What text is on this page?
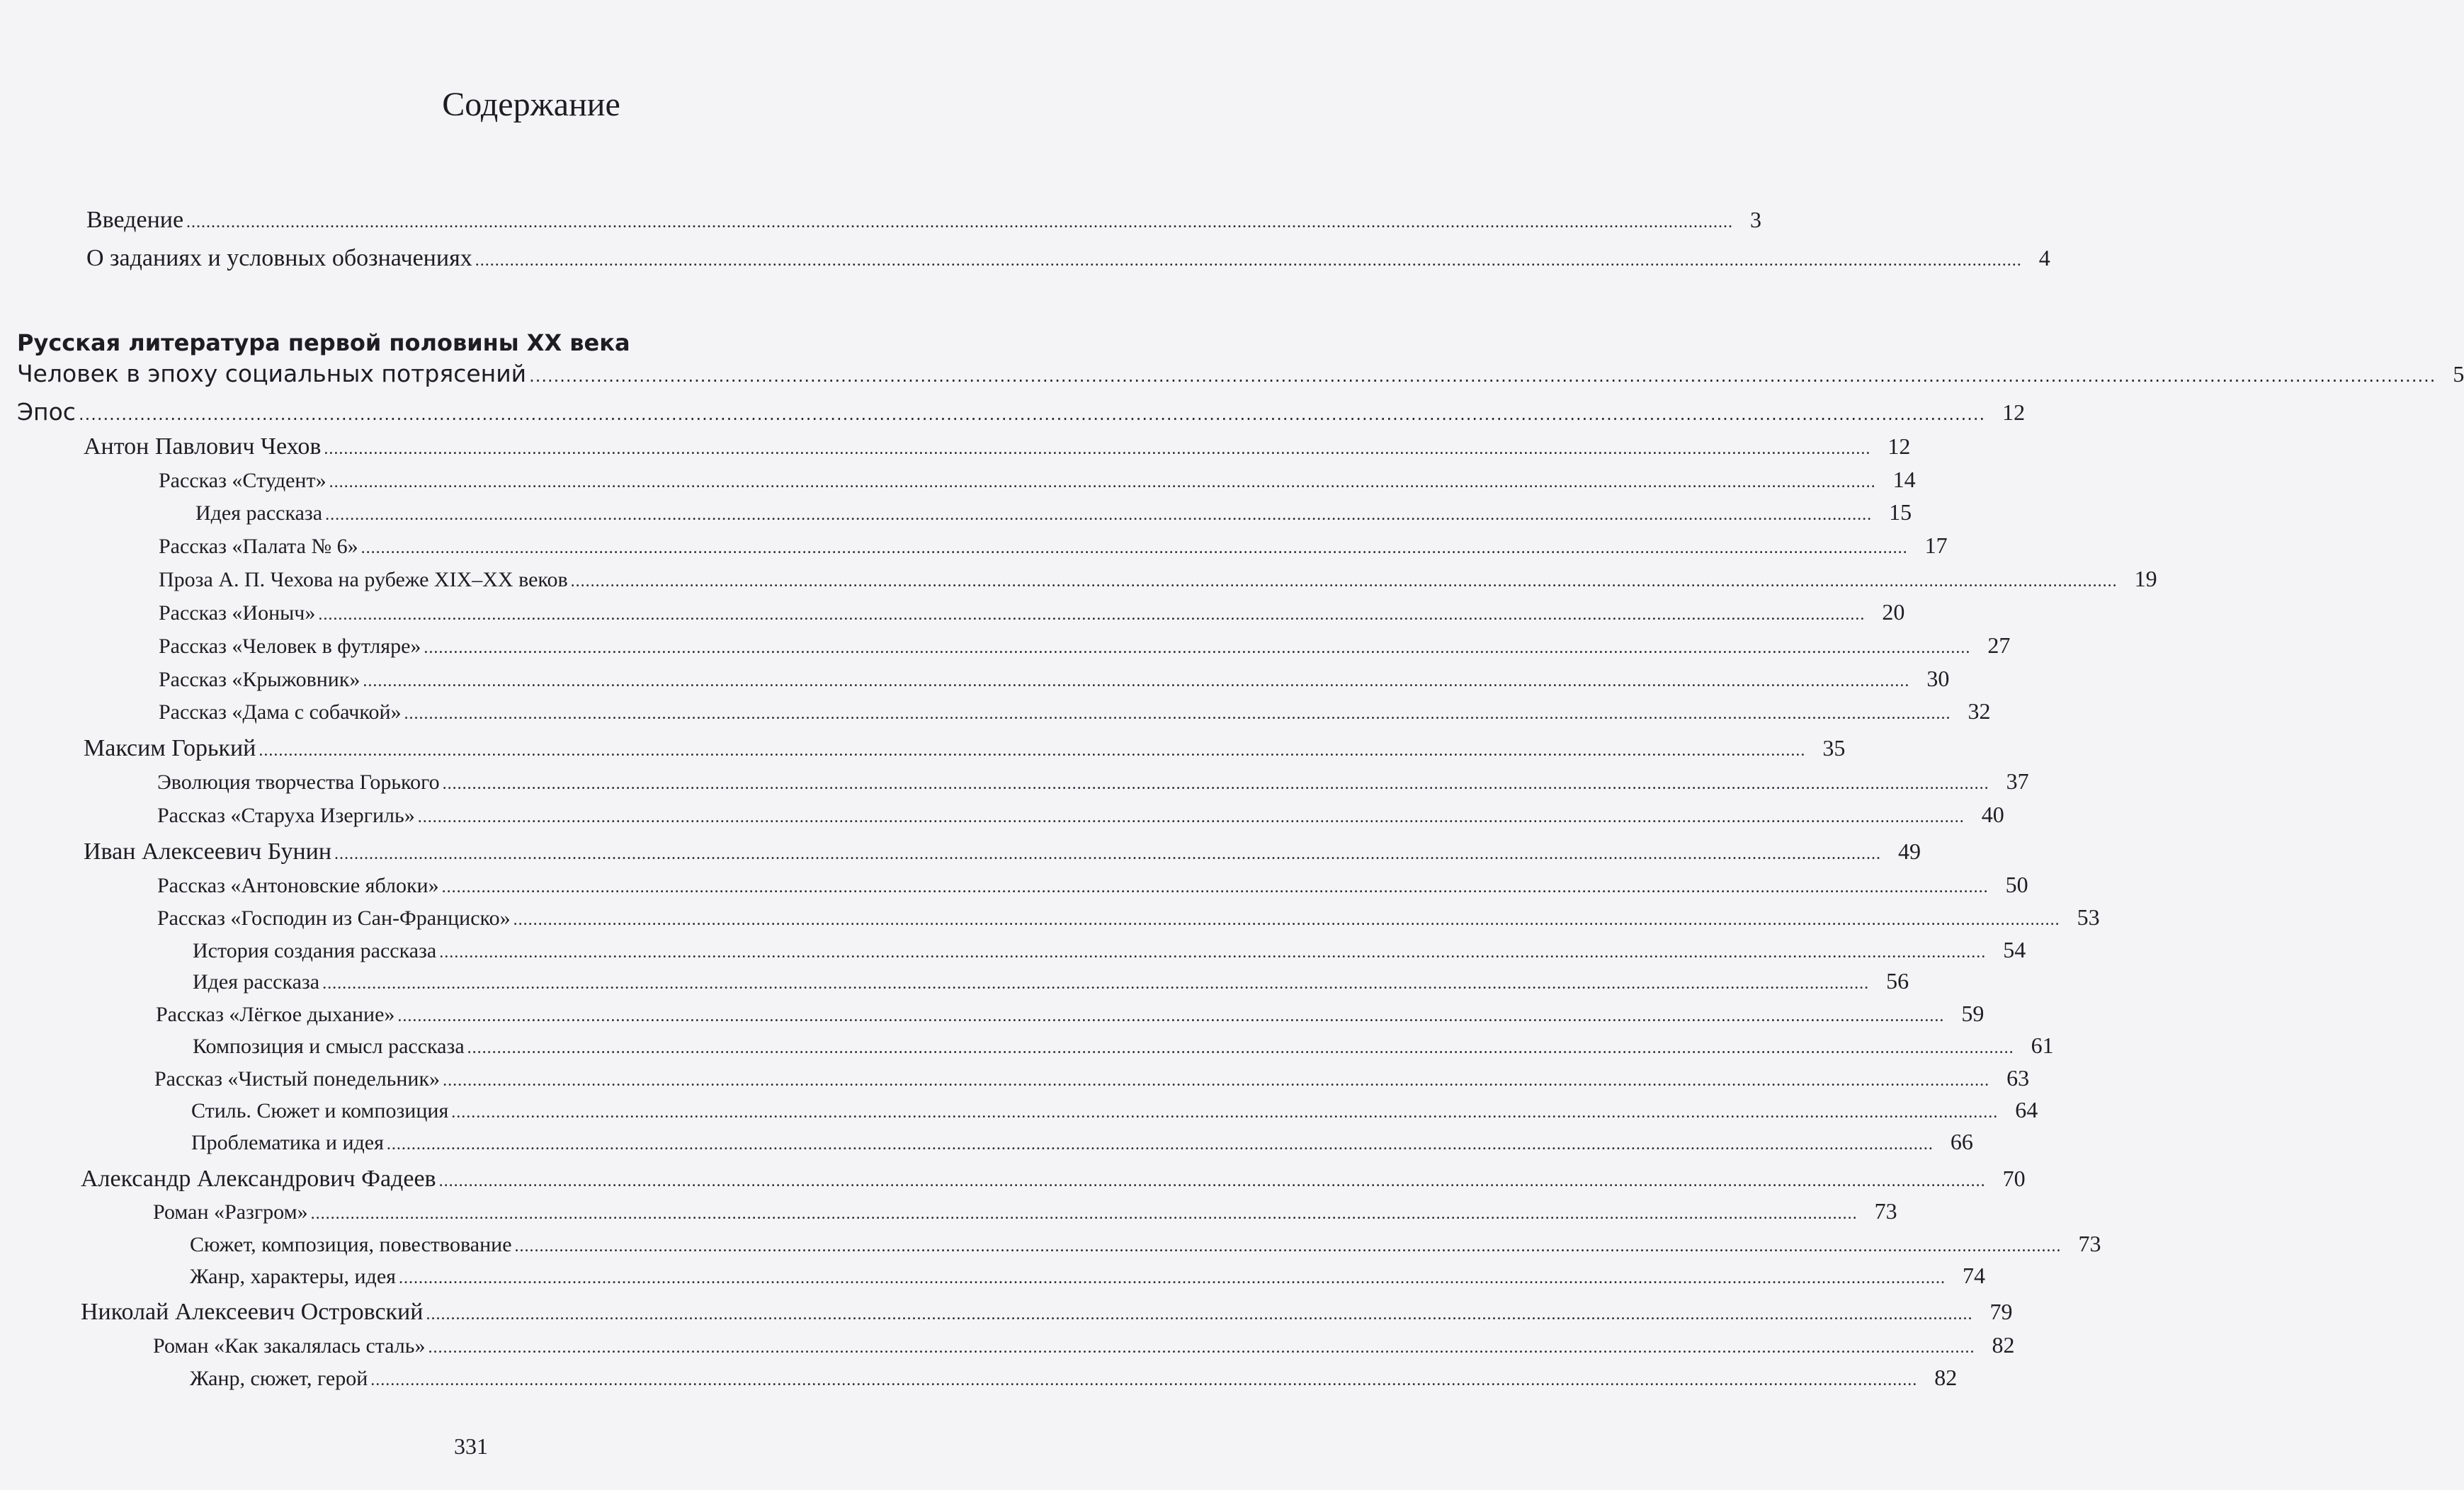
Содержание
Русская литература первой половины XX века
Введение ........................................................................................................................................................................................................................................................................................................................ 3
О заданиях и условных обозначениях ........................................................................................................................................................................................................................................................................................................................ 4
Человек в эпоху социальных потрясений ........................................................................................................................................................................................................................................................................................................................ 5
Эпос ........................................................................................................................................................................................................................................................................................................................ 12
Антон Павлович Чехов ........................................................................................................................................................................................................................................................................................................................ 12
Рассказ «Студент» ........................................................................................................................................................................................................................................................................................................................ 14
Идея рассказа ........................................................................................................................................................................................................................................................................................................................ 15
Рассказ «Палата № 6» ........................................................................................................................................................................................................................................................................................................................ 17
Проза А. П. Чехова на рубеже XIX–XX веков ........................................................................................................................................................................................................................................................................................................................ 19
Рассказ «Ионыч» ........................................................................................................................................................................................................................................................................................................................ 20
Рассказ «Человек в футляре» ........................................................................................................................................................................................................................................................................................................................ 27
Рассказ «Крыжовник» ........................................................................................................................................................................................................................................................................................................................ 30
Рассказ «Дама с собачкой» ........................................................................................................................................................................................................................................................................................................................ 32
Максим Горький ........................................................................................................................................................................................................................................................................................................................ 35
Эволюция творчества Горького ........................................................................................................................................................................................................................................................................................................................ 37
Рассказ «Старуха Изергиль» ........................................................................................................................................................................................................................................................................................................................ 40
Иван Алексеевич Бунин ........................................................................................................................................................................................................................................................................................................................ 49
Рассказ «Антоновские яблоки» ........................................................................................................................................................................................................................................................................................................................ 50
Рассказ «Господин из Сан-Франциско» ........................................................................................................................................................................................................................................................................................................................ 53
История создания рассказа ........................................................................................................................................................................................................................................................................................................................ 54
Идея рассказа ........................................................................................................................................................................................................................................................................................................................ 56
Рассказ «Лёгкое дыхание» ........................................................................................................................................................................................................................................................................................................................ 59
Композиция и смысл рассказа ........................................................................................................................................................................................................................................................................................................................ 61
Рассказ «Чистый понедельник» ........................................................................................................................................................................................................................................................................................................................ 63
Стиль. Сюжет и композиция ........................................................................................................................................................................................................................................................................................................................ 64
Проблематика и идея ........................................................................................................................................................................................................................................................................................................................ 66
Александр Александрович Фадеев ........................................................................................................................................................................................................................................................................................................................ 70
Роман «Разгром» ........................................................................................................................................................................................................................................................................................................................ 73
Сюжет, композиция, повествование ........................................................................................................................................................................................................................................................................................................................ 73
Жанр, характеры, идея ........................................................................................................................................................................................................................................................................................................................ 74
Николай Алексеевич Островский ........................................................................................................................................................................................................................................................................................................................ 79
Роман «Как закалялась сталь» ........................................................................................................................................................................................................................................................................................................................ 82
Жанр, сюжет, герой ........................................................................................................................................................................................................................................................................................................................ 82
331
